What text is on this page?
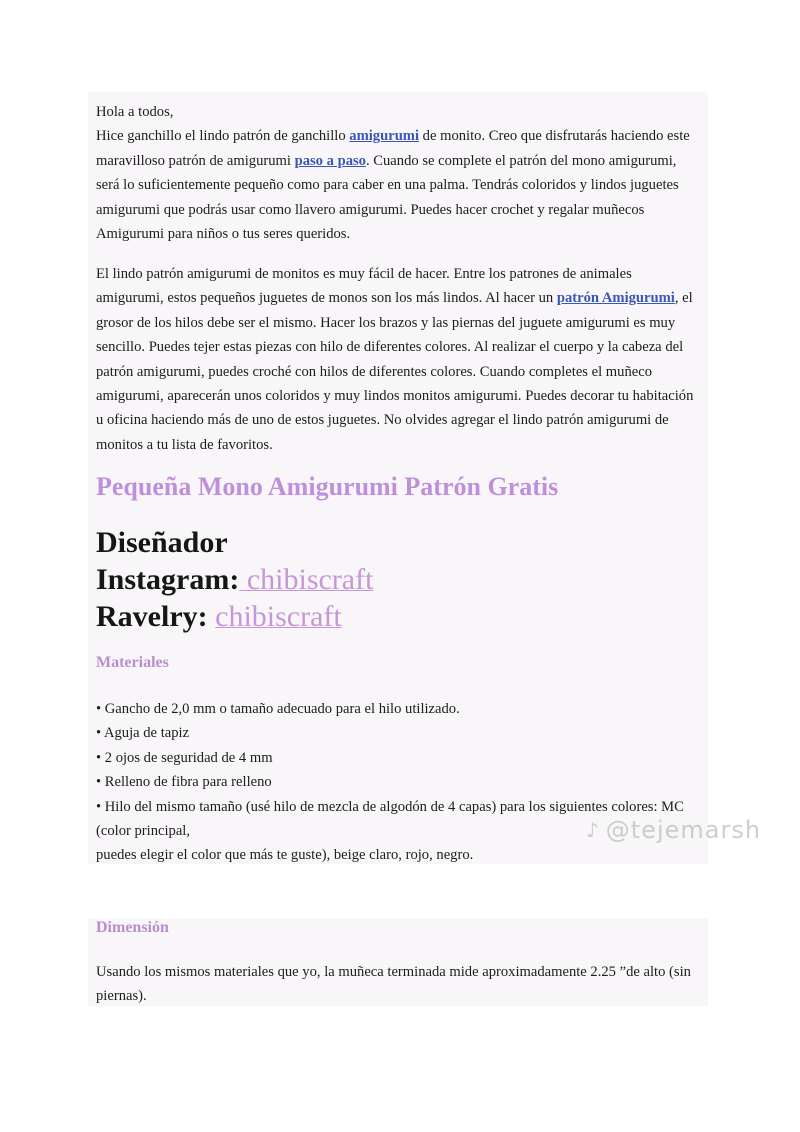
Hola a todos,

Hice ganchillo el lindo patrón de ganchillo amigurumi de monito. Creo que disfrutarás haciendo este maravilloso patrón de amigurumi paso a paso. Cuando se complete el patrón del mono amigurumi, será lo suficientemente pequeño como para caber en una palma. Tendrás coloridos y lindos juguetes amigurumi que podrás usar como llavero amigurumi. Puedes hacer crochet y regalar muñecos Amigurumi para niños o tus seres queridos.

El lindo patrón amigurumi de monitos es muy fácil de hacer. Entre los patrones de animales amigurumi, estos pequeños juguetes de monos son los más lindos. Al hacer un patrón Amigurumi, el grosor de los hilos debe ser el mismo. Hacer los brazos y las piernas del juguete amigurumi es muy sencillo. Puedes tejer estas piezas con hilo de diferentes colores. Al realizar el cuerpo y la cabeza del patrón amigurumi, puedes croché con hilos de diferentes colores. Cuando completes el muñeco amigurumi, aparecerán unos coloridos y muy lindos monitos amigurumi. Puedes decorar tu habitación u oficina haciendo más de uno de estos juguetes. No olvides agregar el lindo patrón amigurumi de monitos a tu lista de favoritos.

Pequeña Mono Amigurumi Patrón Gratis
Diseñador
Instagram: chibiscraft
Ravelry: chibiscraft
Materiales
• Gancho de 2,0 mm o tamaño adecuado para el hilo utilizado.
• Aguja de tapiz
• 2 ojos de seguridad de 4 mm
• Relleno de fibra para relleno
• Hilo del mismo tamaño (usé hilo de mezcla de algodón de 4 capas) para los siguientes colores: MC (color principal,
puedes elegir el color que más te guste), beige claro, rojo, negro.
♪ @tejemarsh
Dimensión

Usando los mismos materiales que yo, la muñeca terminada mide aproximadamente 2.25 ”de alto (sin piernas).
